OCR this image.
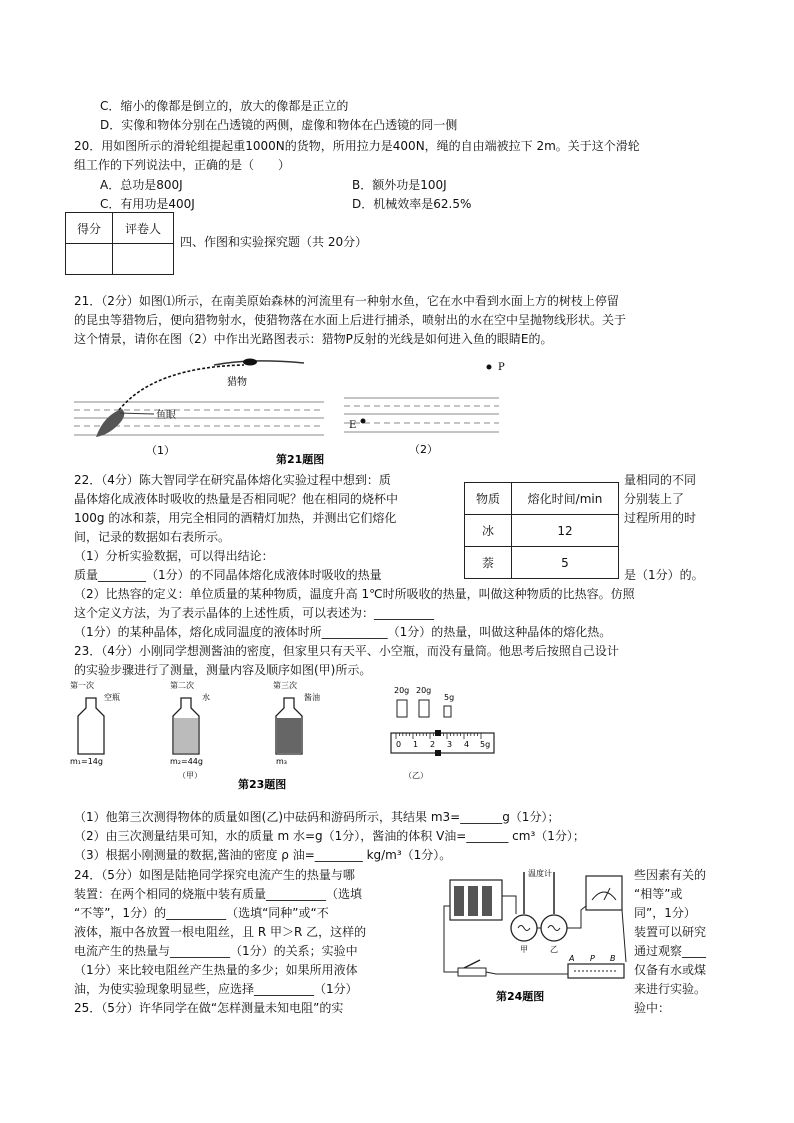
C．缩小的像都是倒立的，放大的像都是正立的
D．实像和物体分别在凸透镜的两侧，虚像和物体在凸透镜的同一侧
20．用如图所示的滑轮组提起重1000N的货物，所用拉力是400N，绳的自由端被拉下 2m。关于这个滑轮
组工作的下列说法中，正确的是（　　）
A．总功是800J	B．额外功是100J
C．有用功是400J	D．机械效率是62.5%
得分	评卷人

四、作图和实验探究题（共 20分）
21．（2分）如图⑴所示，在南美原始森林的河流里有一种射水鱼，它在水中看到水面上方的树枝上停留
的昆虫等猎物后，便向猎物射水，使猎物落在水面上后进行捕杀，喷射出的水在空中呈抛物线形状。关于
这个情景，请你在图（2）中作出光路图表示：猎物P反射的光线是如何进入鱼的眼睛E的。
猎物
鱼眼
（1）
P
E
（2）
第21题图
22．（4分）陈大智同学在研究晶体熔化实验过程中想到：质
晶体熔化成液体时吸收的热量是否相同呢？他在相同的烧杯中
100g 的冰和萘，用完全相同的酒精灯加热，并测出它们熔化
间，记录的数据如右表所示。
量相同的不同
分别装上了
过程所用的时
物质	熔化时间/min
冰	12
萘	5
（1）分析实验数据，可以得出结论：
质量________（1分）的不同晶体熔化成液体时吸收的热量	是（1分）的。
（2）比热容的定义：单位质量的某种物质，温度升高 1℃时所吸收的热量，叫做这种物质的比热容。仿照
这个定义方法，为了表示晶体的上述性质，可以表述为：__________
（1分）的某种晶体，熔化成同温度的液体时所___________（1分）的热量，叫做这种晶体的熔化热。
23．（4分）小刚同学想测酱油的密度，但家里只有天平、小空瓶，而没有量筒。他思考后按照自己设计
的实验步骤进行了测量，测量内容及顺序如图(甲)所示。
第一次	第二次	第三次
空瓶	水	酱油
m₁=14g	m₂=44g	m₃
（甲）	（乙）
20g 20g
5g
0 1 2 3 4 5g
第23题图
（1）他第三次测得物体的质量如图(乙)中砝码和游码所示，其结果 m3=_______g（1分）；
（2）由三次测量结果可知，水的质量 m 水=g（1分），酱油的体积 V油=_______ cm³（1分）；
（3）根据小刚测量的数据,酱油的密度 ρ 油=________ kg/m³（1分）。
24．（5分）如图是陆艳同学探究电流产生的热量与哪
装置：在两个相同的烧瓶中装有质量__________（选填
“不等”，1分）的__________（选填“同种”或“不
液体，瓶中各放置一根电阻丝，且 R 甲＞R 乙，这样的
电流产生的热量与__________（1分）的关系；实验中
（1分）来比较电阻丝产生热量的多少；如果所用液体
油，为使实验现象明显些，应选择__________（1分）
些因素有关的
“相等”或
同”，1分）
装置可以研究
通过观察____
仅备有水或煤
来进行实验。
温度计
甲	乙
A P B
第24题图
25．（5分）许华同学在做“怎样测量未知电阻”的实	验中：
